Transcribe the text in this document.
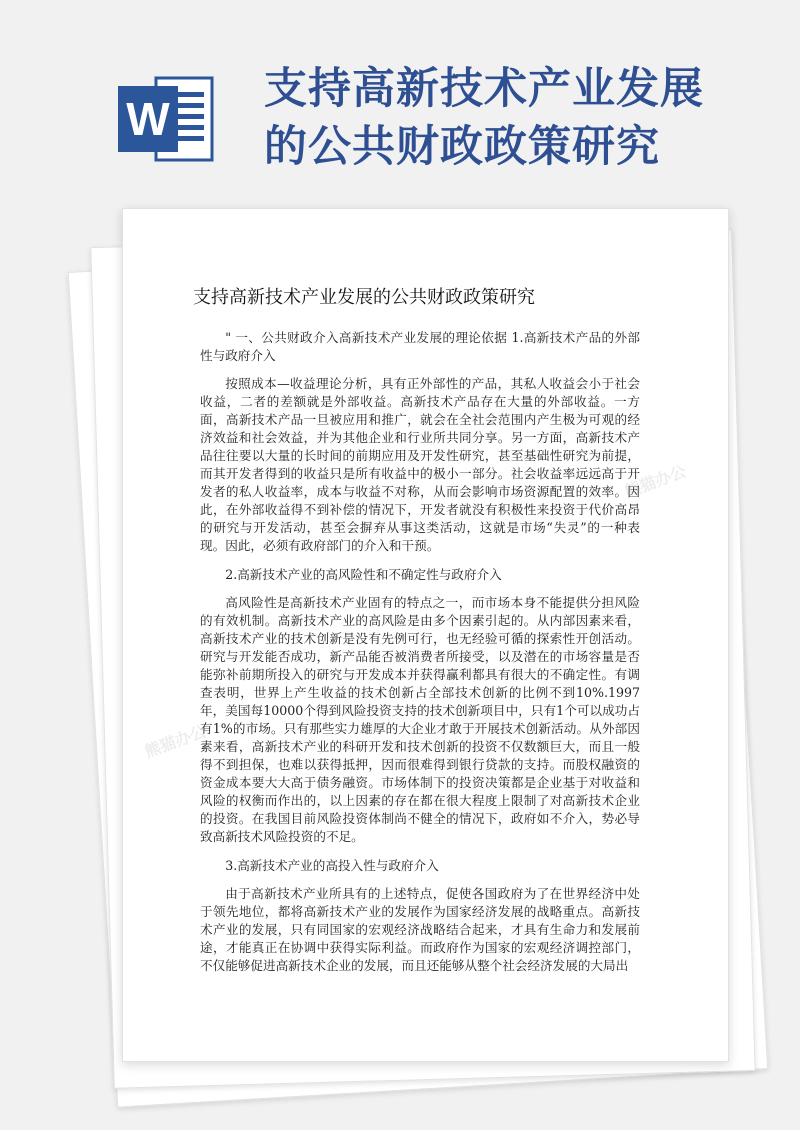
W
支持高新技术产业发展
的公共财政政策研究
熊猫办公
熊猫办公
支持高新技术产业发展的公共财政政策研究

" 一、公共财政介入高新技术产业发展的理论依据 1.高新技术产品的外部性与政府介入

按照成本—收益理论分析，具有正外部性的产品，其私人收益会小于社会收益，二者的差额就是外部收益。高新技术产品存在大量的外部收益。一方面，高新技术产品一旦被应用和推广，就会在全社会范围内产生极为可观的经济效益和社会效益，并为其他企业和行业所共同分享。另一方面，高新技术产品往往要以大量的长时间的前期应用及开发性研究，甚至基础性研究为前提，而其开发者得到的收益只是所有收益中的极小一部分。社会收益率远远高于开发者的私人收益率，成本与收益不对称，从而会影响市场资源配置的效率。因此，在外部收益得不到补偿的情况下，开发者就没有积极性来投资于代价高昂的研究与开发活动，甚至会摒弃从事这类活动，这就是市场“失灵”的一种表现。因此，必须有政府部门的介入和干预。

2.高新技术产业的高风险性和不确定性与政府介入

高风险性是高新技术产业固有的特点之一，而市场本身不能提供分担风险的有效机制。高新技术产业的高风险是由多个因素引起的。从内部因素来看，高新技术产业的技术创新是没有先例可行，也无经验可循的探索性开创活动。研究与开发能否成功，新产品能否被消费者所接受，以及潜在的市场容量是否能弥补前期所投入的研究与开发成本并获得赢利都具有很大的不确定性。有调查表明，世界上产生收益的技术创新占全部技术创新的比例不到10%.1997年，美国每10000个得到风险投资支持的技术创新项目中，只有1个可以成功占有1%的市场。只有那些实力雄厚的大企业才敢于开展技术创新活动。从外部因素来看，高新技术产业的科研开发和技术创新的投资不仅数额巨大，而且一般得不到担保，也难以获得抵押，因而很难得到银行贷款的支持。而股权融资的资金成本要大大高于债务融资。市场体制下的投资决策都是企业基于对收益和风险的权衡而作出的，以上因素的存在都在很大程度上限制了对高新技术企业的投资。在我国目前风险投资体制尚不健全的情况下，政府如不介入，势必导致高新技术风险投资的不足。

3.高新技术产业的高投入性与政府介入

由于高新技术产业所具有的上述特点，促使各国政府为了在世界经济中处于领先地位，都将高新技术产业的发展作为国家经济发展的战略重点。高新技术产业的发展，只有同国家的宏观经济战略结合起来，才具有生命力和发展前途，才能真正在协调中获得实际利益。而政府作为国家的宏观经济调控部门，不仅能够促进高新技术企业的发展，而且还能够从整个社会经济发展的大局出
